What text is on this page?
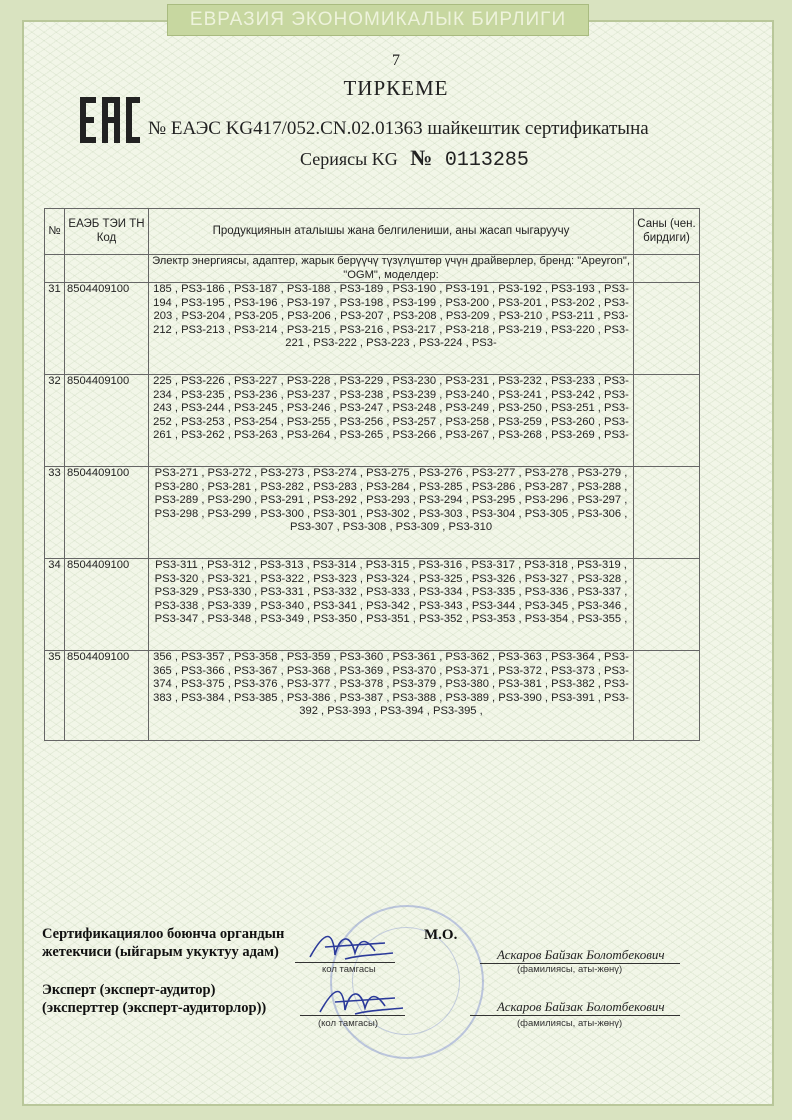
ЕВРАЗИЯ ЭКОНОМИКАЛЫК БИРЛИГИ
7
ТИРКЕМЕ
№ ЕАЭС KG417/052.CN.02.01363 шайкештик сертификатына
Сериясы KG № 0113285
№	ЕАЭБ ТЭИ ТН Код	Продукциянын аталышы жана белгилениши, аны жасап чыгаруучу	Саны (чен. бирдиги)
		Электр энергиясы, адаптер, жарык берүүчү түзүлүштөр үчүн драйверлер, бренд: "Apeyron", "OGM", моделдер:	
31	8504409100	185 , PS3-186 , PS3-187 , PS3-188 , PS3-189 , PS3-190 , PS3-191 , PS3-192 , PS3-193 , PS3-194 , PS3-195 , PS3-196 , PS3-197 , PS3-198 , PS3-199 , PS3-200 , PS3-201 , PS3-202 , PS3-203 , PS3-204 , PS3-205 , PS3-206 , PS3-207 , PS3-208 , PS3-209 , PS3-210 , PS3-211 , PS3-212 , PS3-213 , PS3-214 , PS3-215 , PS3-216 , PS3-217 , PS3-218 , PS3-219 , PS3-220 , PS3-221 , PS3-222 , PS3-223 , PS3-224 , PS3-	
32	8504409100	225 , PS3-226 , PS3-227 , PS3-228 , PS3-229 , PS3-230 , PS3-231 , PS3-232 , PS3-233 , PS3-234 , PS3-235 , PS3-236 , PS3-237 , PS3-238 , PS3-239 , PS3-240 , PS3-241 , PS3-242 , PS3-243 , PS3-244 , PS3-245 , PS3-246 , PS3-247 , PS3-248 , PS3-249 , PS3-250 , PS3-251 , PS3-252 , PS3-253 , PS3-254 , PS3-255 , PS3-256 , PS3-257 , PS3-258 , PS3-259 , PS3-260 , PS3-261 , PS3-262 , PS3-263 , PS3-264 , PS3-265 , PS3-266 , PS3-267 , PS3-268 , PS3-269 , PS3-	
33	8504409100	PS3-271 , PS3-272 , PS3-273 , PS3-274 , PS3-275 , PS3-276 , PS3-277 , PS3-278 , PS3-279 , PS3-280 , PS3-281 , PS3-282 , PS3-283 , PS3-284 , PS3-285 , PS3-286 , PS3-287 , PS3-288 , PS3-289 , PS3-290 , PS3-291 , PS3-292 , PS3-293 , PS3-294 , PS3-295 , PS3-296 , PS3-297 , PS3-298 , PS3-299 , PS3-300 , PS3-301 , PS3-302 , PS3-303 , PS3-304 , PS3-305 , PS3-306 , PS3-307 , PS3-308 , PS3-309 , PS3-310	
34	8504409100	PS3-311 , PS3-312 , PS3-313 , PS3-314 , PS3-315 , PS3-316 , PS3-317 , PS3-318 , PS3-319 , PS3-320 , PS3-321 , PS3-322 , PS3-323 , PS3-324 , PS3-325 , PS3-326 , PS3-327 , PS3-328 , PS3-329 , PS3-330 , PS3-331 , PS3-332 , PS3-333 , PS3-334 , PS3-335 , PS3-336 , PS3-337 , PS3-338 , PS3-339 , PS3-340 , PS3-341 , PS3-342 , PS3-343 , PS3-344 , PS3-345 , PS3-346 , PS3-347 , PS3-348 , PS3-349 , PS3-350 , PS3-351 , PS3-352 , PS3-353 , PS3-354 , PS3-355 ,	
35	8504409100	356 , PS3-357 , PS3-358 , PS3-359 , PS3-360 , PS3-361 , PS3-362 , PS3-363 , PS3-364 , PS3-365 , PS3-366 , PS3-367 , PS3-368 , PS3-369 , PS3-370 , PS3-371 , PS3-372 , PS3-373 , PS3-374 , PS3-375 , PS3-376 , PS3-377 , PS3-378 , PS3-379 , PS3-380 , PS3-381 , PS3-382 , PS3-383 , PS3-384 , PS3-385 , PS3-386 , PS3-387 , PS3-388 , PS3-389 , PS3-390 , PS3-391 , PS3-392 , PS3-393 , PS3-394 , PS3-395 ,	
Сертификациялоо боюнча органдын
жетекчиси (ыйгарым укуктуу адам)
М.О.
кол тамгасы
Аскаров Байзак Болотбекович
(фамилиясы, аты-жөнү)
Эксперт (эксперт-аудитор)
(эксперттер (эксперт-аудиторлор))
(кол тамгасы)
Аскаров Байзак Болотбекович
(фамилиясы, аты-жөнү)
